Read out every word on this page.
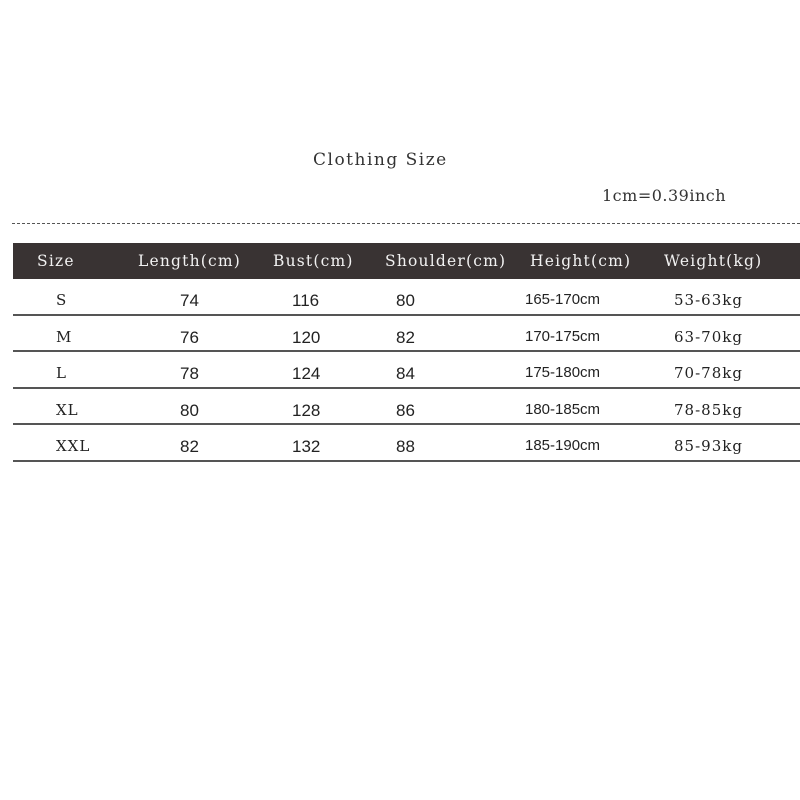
Clothing Size
1cm=0.39inch
Size	Length(cm) Bust(cm) Shoulder(cm) Height(cm) Weight(kg)
S	74	116	80	165-170cm	53-63kg
M	76	120	82	170-175cm	63-70kg
L	78	124	84	175-180cm	70-78kg
XL	80	128	86	180-185cm	78-85kg
XXL	82	132	88	185-190cm	85-93kg
